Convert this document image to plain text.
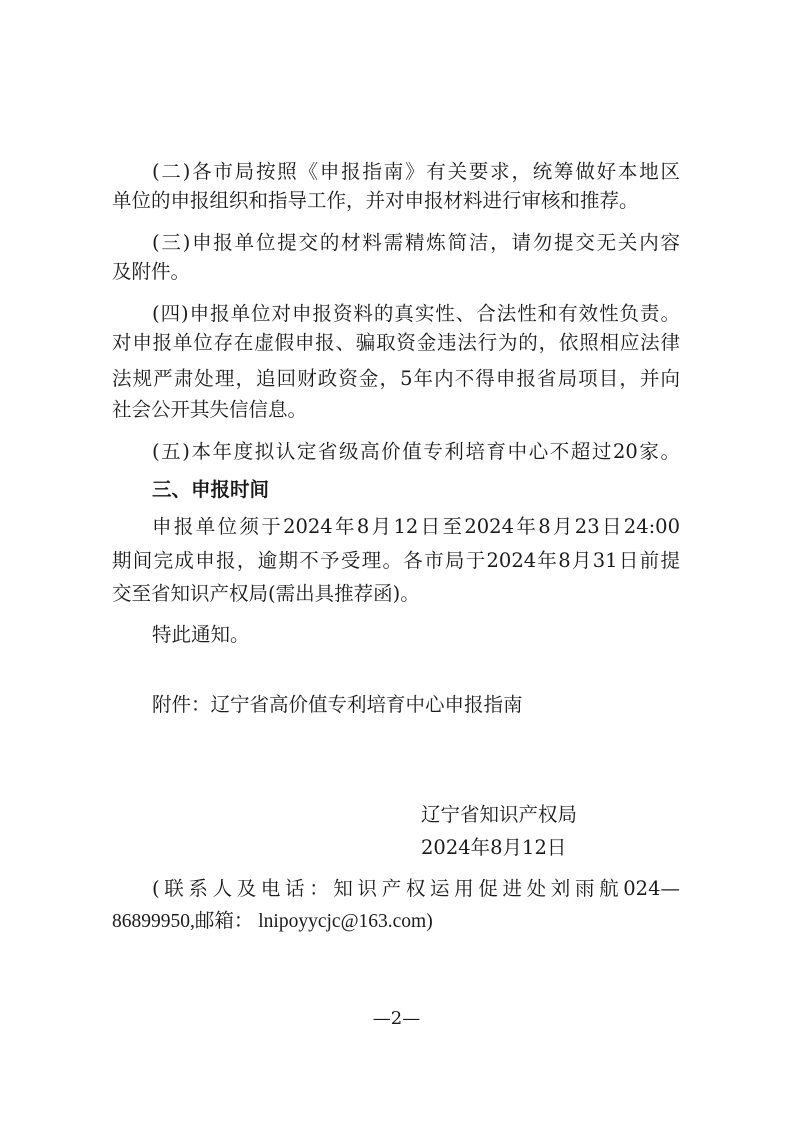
(二)各市局按照《申报指南》有关要求，统筹做好本地区
单位的申报组织和指导工作，并对申报材料进行审核和推荐。
(三)申报单位提交的材料需精炼简洁，请勿提交无关内容
及附件。
(四)申报单位对申报资料的真实性、合法性和有效性负责。
对申报单位存在虚假申报、骗取资金违法行为的，依照相应法律
法规严肃处理，追回财政资金，5年内不得申报省局项目，并向
社会公开其失信信息。
(五)本年度拟认定省级高价值专利培育中心不超过20家。
三、申报时间
申报单位须于2024年8月12日至2024年8月23日24:00
期间完成申报，逾期不予受理。各市局于2024年8月31日前提
交至省知识产权局(需出具推荐函)。
特此通知。
附件：辽宁省高价值专利培育中心申报指南
辽宁省知识产权局
2024年8月12日
(联系人及电话：知识产权运用促进处刘雨航024—
86899950,邮箱： lnipoyycjc@163.com)
—2—
